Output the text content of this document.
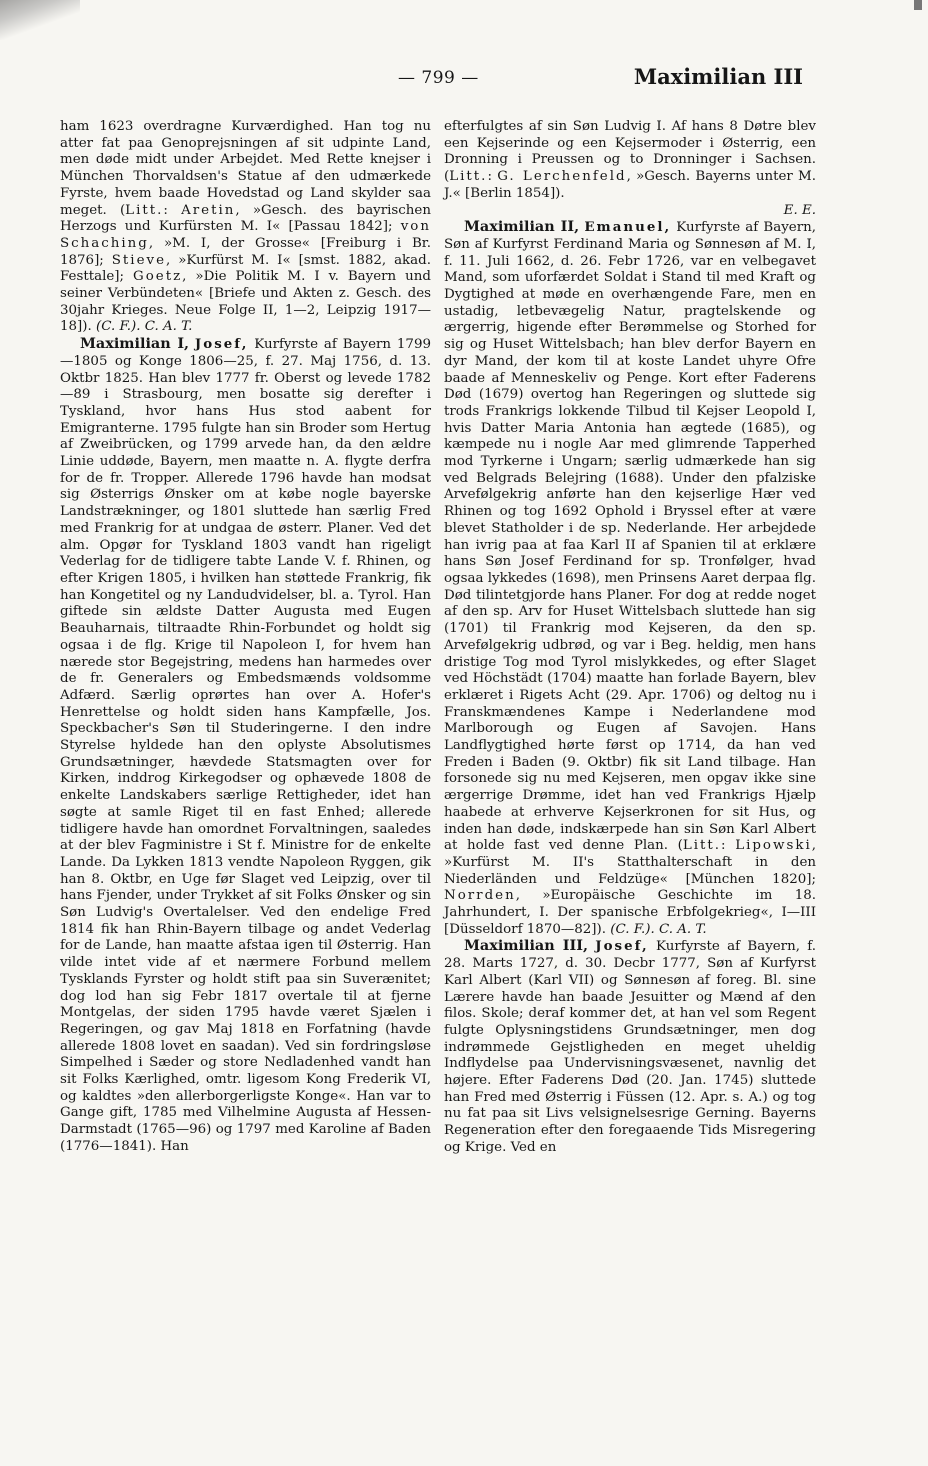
— 799 —	Maximilian III

ham 1623 overdragne Kurværdighed. Han tog nu atter fat paa Genoprejsningen af sit udpinte Land, men døde midt under Arbejdet. Med Rette knejser i München Thorvaldsen's Statue af den udmærkede Fyrste, hvem baade Hovedstad og Land skylder saa meget. (Litt.: Aretin, »Gesch. des bayrischen Herzogs und Kurfürsten M. I« [Passau 1842]; von Schaching, »M. I, der Grosse« [Freiburg i Br. 1876]; Stieve, »Kurfürst M. I« [smst. 1882, akad. Festtale]; Goetz, »Die Politik M. I v. Bayern und seiner Verbündeten« [Briefe und Akten z. Gesch. des 30jahr Krieges. Neue Folge II, 1—2, Leipzig 1917—18]). (C. F.). C. A. T.

Maximilian I, Josef, Kurfyrste af Bayern 1799—1805 og Konge 1806—25, f. 27. Maj 1756, d. 13. Oktbr 1825. Han blev 1777 fr. Oberst og levede 1782—89 i Strasbourg, men bosatte sig derefter i Tyskland, hvor hans Hus stod aabent for Emigranterne. 1795 fulgte han sin Broder som Hertug af Zweibrücken, og 1799 arvede han, da den ældre Linie uddøde, Bayern, men maatte n. A. flygte derfra for de fr. Tropper. Allerede 1796 havde han modsat sig Østerrigs Ønsker om at købe nogle bayerske Landstrækninger, og 1801 sluttede han særlig Fred med Frankrig for at undgaa de østerr. Planer. Ved det alm. Opgør for Tyskland 1803 vandt han rigeligt Vederlag for de tidligere tabte Lande V. f. Rhinen, og efter Krigen 1805, i hvilken han støttede Frankrig, fik han Kongetitel og ny Landudvidelser, bl. a. Tyrol. Han giftede sin ældste Datter Augusta med Eugen Beauharnais, tiltraadte Rhin-Forbundet og holdt sig ogsaa i de flg. Krige til Napoleon I, for hvem han nærede stor Begejstring, medens han harmedes over de fr. Generalers og Embedsmænds voldsomme Adfærd. Særlig oprørtes han over A. Hofer's Henrettelse og holdt siden hans Kampfælle, Jos. Speckbacher's Søn til Studeringerne. I den indre Styrelse hyldede han den oplyste Absolutismes Grundsætninger, hævdede Statsmagten over for Kirken, inddrog Kirkegodser og ophævede 1808 de enkelte Landskabers særlige Rettigheder, idet han søgte at samle Riget til en fast Enhed; allerede tidligere havde han omordnet Forvaltningen, saaledes at der blev Fagministre i St f. Ministre for de enkelte Lande. Da Lykken 1813 vendte Napoleon Ryggen, gik han 8. Oktbr, en Uge før Slaget ved Leipzig, over til hans Fjender, under Trykket af sit Folks Ønsker og sin Søn Ludvig's Overtalelser. Ved den endelige Fred 1814 fik han Rhin-Bayern tilbage og andet Vederlag for de Lande, han maatte afstaa igen til Østerrig. Han vilde intet vide af et nærmere Forbund mellem Tysklands Fyrster og holdt stift paa sin Suverænitet; dog lod han sig Febr 1817 overtale til at fjerne Montgelas, der siden 1795 havde været Sjælen i Regeringen, og gav Maj 1818 en Forfatning (havde allerede 1808 lovet en saadan). Ved sin fordringsløse Simpelhed i Sæder og store Nedladenhed vandt han sit Folks Kærlighed, omtr. ligesom Kong Frederik VI, og kaldtes »den allerborgerligste Konge«. Han var to Gange gift, 1785 med Vilhelmine Augusta af Hessen-Darmstadt (1765—96) og 1797 med Karoline af Baden (1776—1841). Han

efterfulgtes af sin Søn Ludvig I. Af hans 8 Døtre blev een Kejserinde og een Kejsermoder i Østerrig, een Dronning i Preussen og to Dronninger i Sachsen. (Litt.: G. Lerchenfeld, »Gesch. Bayerns unter M. J.« [Berlin 1854]).

E. E.

Maximilian II, Emanuel, Kurfyrste af Bayern, Søn af Kurfyrst Ferdinand Maria og Sønnesøn af M. I, f. 11. Juli 1662, d. 26. Febr 1726, var en velbegavet Mand, som uforfærdet Soldat i Stand til med Kraft og Dygtighed at møde en overhængende Fare, men en ustadig, letbevægelig Natur, pragtelskende og ærgerrig, higende efter Berømmelse og Storhed for sig og Huset Wittelsbach; han blev derfor Bayern en dyr Mand, der kom til at koste Landet uhyre Ofre baade af Menneskeliv og Penge. Kort efter Faderens Død (1679) overtog han Regeringen og sluttede sig trods Frankrigs lokkende Tilbud til Kejser Leopold I, hvis Datter Maria Antonia han ægtede (1685), og kæmpede nu i nogle Aar med glimrende Tapperhed mod Tyrkerne i Ungarn; særlig udmærkede han sig ved Belgrads Belejring (1688). Under den pfalziske Arvefølgekrig anførte han den kejserlige Hær ved Rhinen og tog 1692 Ophold i Bryssel efter at være blevet Statholder i de sp. Nederlande. Her arbejdede han ivrig paa at faa Karl II af Spanien til at erklære hans Søn Josef Ferdinand for sp. Tronfølger, hvad ogsaa lykkedes (1698), men Prinsens Aaret derpaa flg. Død tilintetgjorde hans Planer. For dog at redde noget af den sp. Arv for Huset Wittelsbach sluttede han sig (1701) til Frankrig mod Kejseren, da den sp. Arvefølgekrig udbrød, og var i Beg. heldig, men hans dristige Tog mod Tyrol mislykkedes, og efter Slaget ved Höchstädt (1704) maatte han forlade Bayern, blev erklæret i Rigets Acht (29. Apr. 1706) og deltog nu i Franskmændenes Kampe i Nederlandene mod Marlborough og Eugen af Savojen. Hans Landflygtighed hørte først op 1714, da han ved Freden i Baden (9. Oktbr) fik sit Land tilbage. Han forsonede sig nu med Kejseren, men opgav ikke sine ærgerrige Drømme, idet han ved Frankrigs Hjælp haabede at erhverve Kejserkronen for sit Hus, og inden han døde, indskærpede han sin Søn Karl Albert at holde fast ved denne Plan. (Litt.: Lipowski, »Kurfürst M. II's Statthalterschaft in den Niederländen und Feldzüge« [München 1820]; Norrden, »Europäische Geschichte im 18. Jahrhundert, I. Der spanische Erbfolgekrieg«, I—III [Düsseldorf 1870—82]). (C. F.). C. A. T.

Maximilian III, Josef, Kurfyrste af Bayern, f. 28. Marts 1727, d. 30. Decbr 1777, Søn af Kurfyrst Karl Albert (Karl VII) og Sønnesøn af foreg. Bl. sine Lærere havde han baade Jesuitter og Mænd af den filos. Skole; deraf kommer det, at han vel som Regent fulgte Oplysningstidens Grundsætninger, men dog indrømmede Gejstligheden en meget uheldig Indflydelse paa Undervisningsvæsenet, navnlig det højere. Efter Faderens Død (20. Jan. 1745) sluttede han Fred med Østerrig i Füssen (12. Apr. s. A.) og tog nu fat paa sit Livs velsignelsesrige Gerning. Bayerns Regeneration efter den foregaaende Tids Misregering og Krige. Ved en
